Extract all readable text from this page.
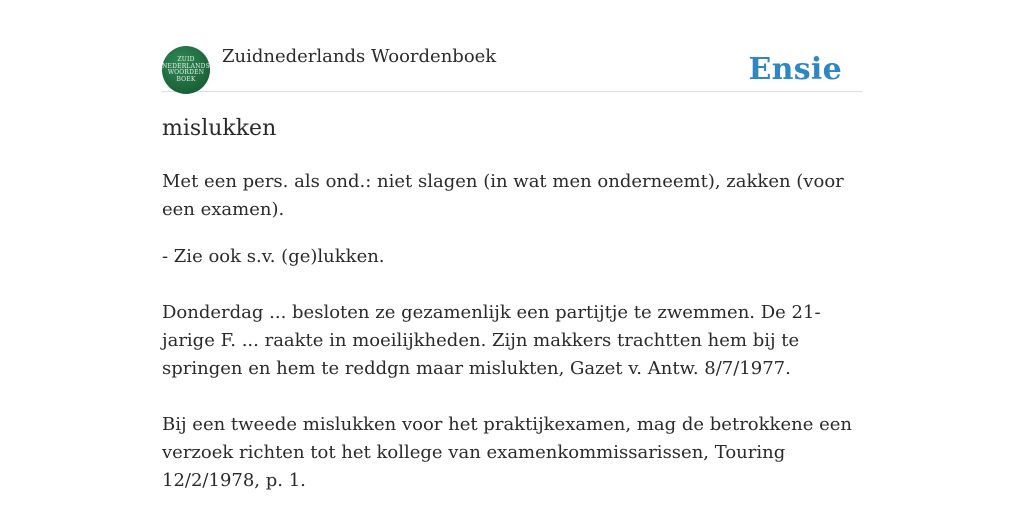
ZUID
NEDERLANDS
WOORDEN
BOEK
Zuidnederlands Woordenboek	Ensie
mislukken

Met een pers. als ond.: niet slagen (in wat men onderneemt), zakken (voor een examen).

- Zie ook s.v. (ge)lukken.

Donderdag ... besloten ze gezamenlijk een partijtje te zwemmen. De 21-jarige F. ... raakte in moeilijkheden. Zijn makkers trachtten hem bij te springen en hem te reddgn maar mislukten, Gazet v. Antw. 8/7/1977.

Bij een tweede mislukken voor het praktijkexamen, mag de betrokkene een verzoek richten tot het kollege van examenkommissarissen, Touring 12/2/1978, p. 1.
